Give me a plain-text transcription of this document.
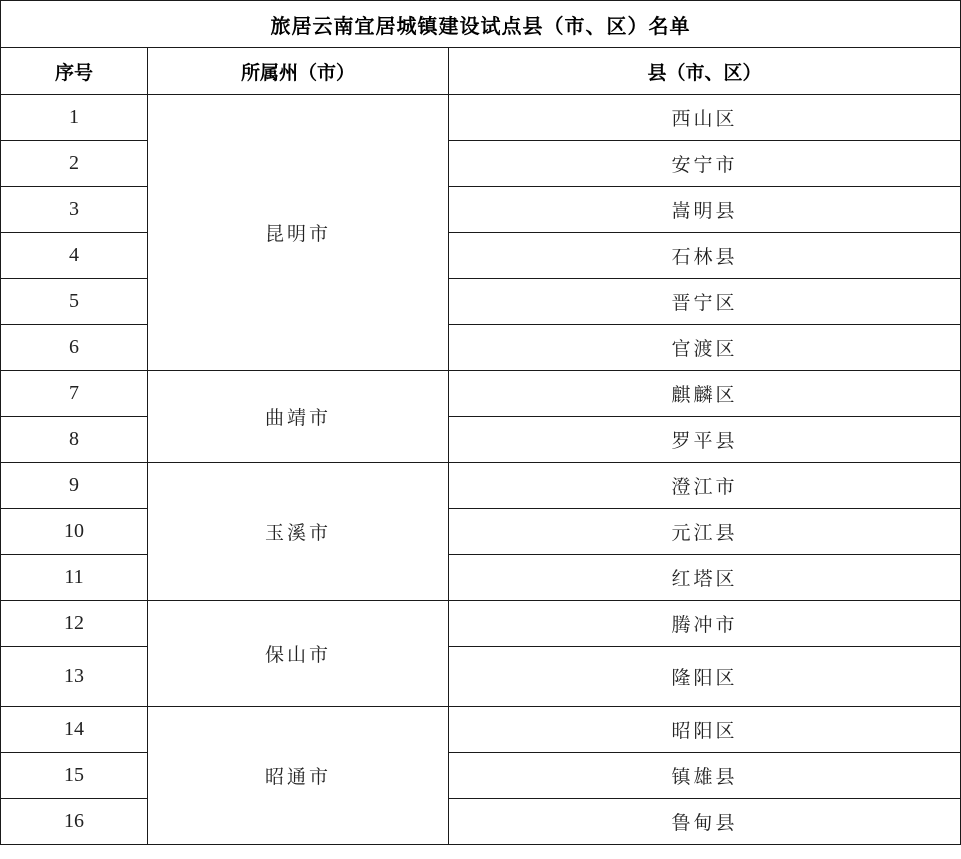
旅居云南宜居城镇建设试点县（市、区）名单		
序号	所属州（市）	县（市、区）
1	昆明市	西山区
2		安宁市
3		嵩明县
4		石林县
5		晋宁区
6		官渡区
7	曲靖市	麒麟区
8		罗平县
9	玉溪市	澄江市
10		元江县
11		红塔区
12	保山市	腾冲市
13		隆阳区
14	昭通市	昭阳区
15		镇雄县
16		鲁甸县
